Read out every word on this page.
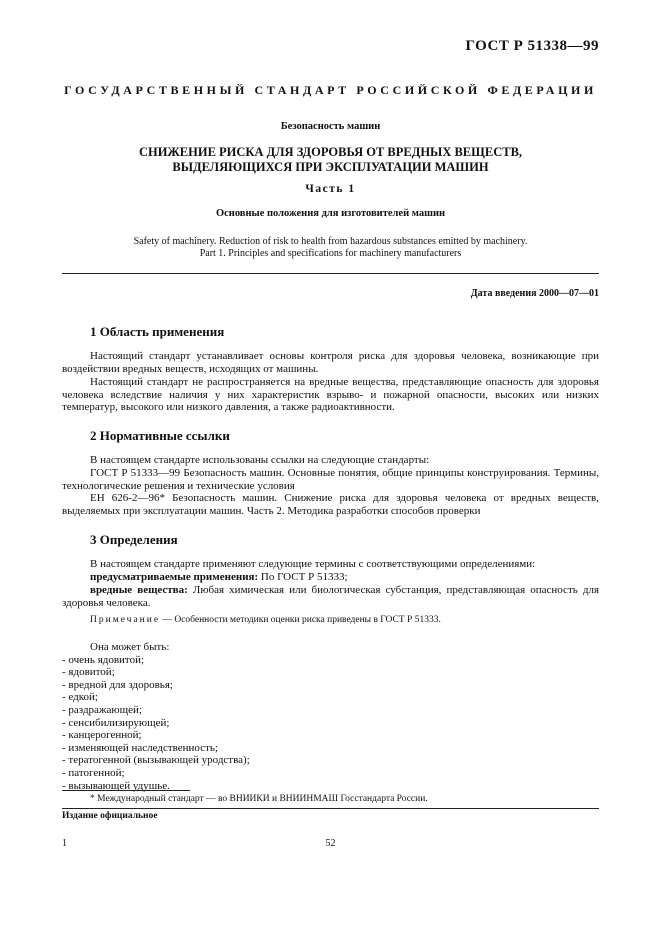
ГОСТ Р 51338—99
ГОСУДАРСТВЕННЫЙ СТАНДАРТ РОССИЙСКОЙ ФЕДЕРАЦИИ
Безопасность машин
СНИЖЕНИЕ РИСКА ДЛЯ ЗДОРОВЬЯ ОТ ВРЕДНЫХ ВЕЩЕСТВ,
ВЫДЕЛЯЮЩИХСЯ ПРИ ЭКСПЛУАТАЦИИ МАШИН
Часть 1
Основные положения для изготовителей машин
Safety of machinery. Reduction of risk to health from hazardous substances emitted by machinery.
Part 1. Principles and specifications for machinery manufacturers
Дата введения 2000—07—01
1 Область применения

Настоящий стандарт устанавливает основы контроля риска для здоровья человека, возникающие при воздействии вредных веществ, исходящих от машины.

Настоящий стандарт не распространяется на вредные вещества, представляющие опасность для здоровья человека вследствие наличия у них характеристик взрыво- и пожарной опасности, высоких или низких температур, высокого или низкого давления, а также радиоактивности.

2 Нормативные ссылки

В настоящем стандарте использованы ссылки на следующие стандарты:

ГОСТ Р 51333—99 Безопасность машин. Основные понятия, общие принципы конструирования. Термины, технологические решения и технические условия

ЕН 626-2—96* Безопасность машин. Снижение риска для здоровья человека от вредных веществ, выделяемых при эксплуатации машин. Часть 2. Методика разработки способов проверки

3 Определения

В настоящем стандарте применяют следующие термины с соответствующими определениями:

предусматриваемые применения: По ГОСТ Р 51333;

вредные вещества: Любая химическая или биологическая субстанция, представляющая опасность для здоровья человека.

Примечание — Особенности методики оценки риска приведены в ГОСТ Р 51333.

Она может быть:
- очень ядовитой;
- ядовитой;
- вредной для здоровья;
- едкой;
- раздражающей;
- сенсибилизирующей;
- канцерогенной;
- изменяющей наследственность;
- тератогенной (вызывающей уродства);
- патогенной;
- вызывающей удушье.
* Международный стандарт — во ВНИИКИ и ВНИИНМАШ Госстандарта России.
Издание официальное
1	52
